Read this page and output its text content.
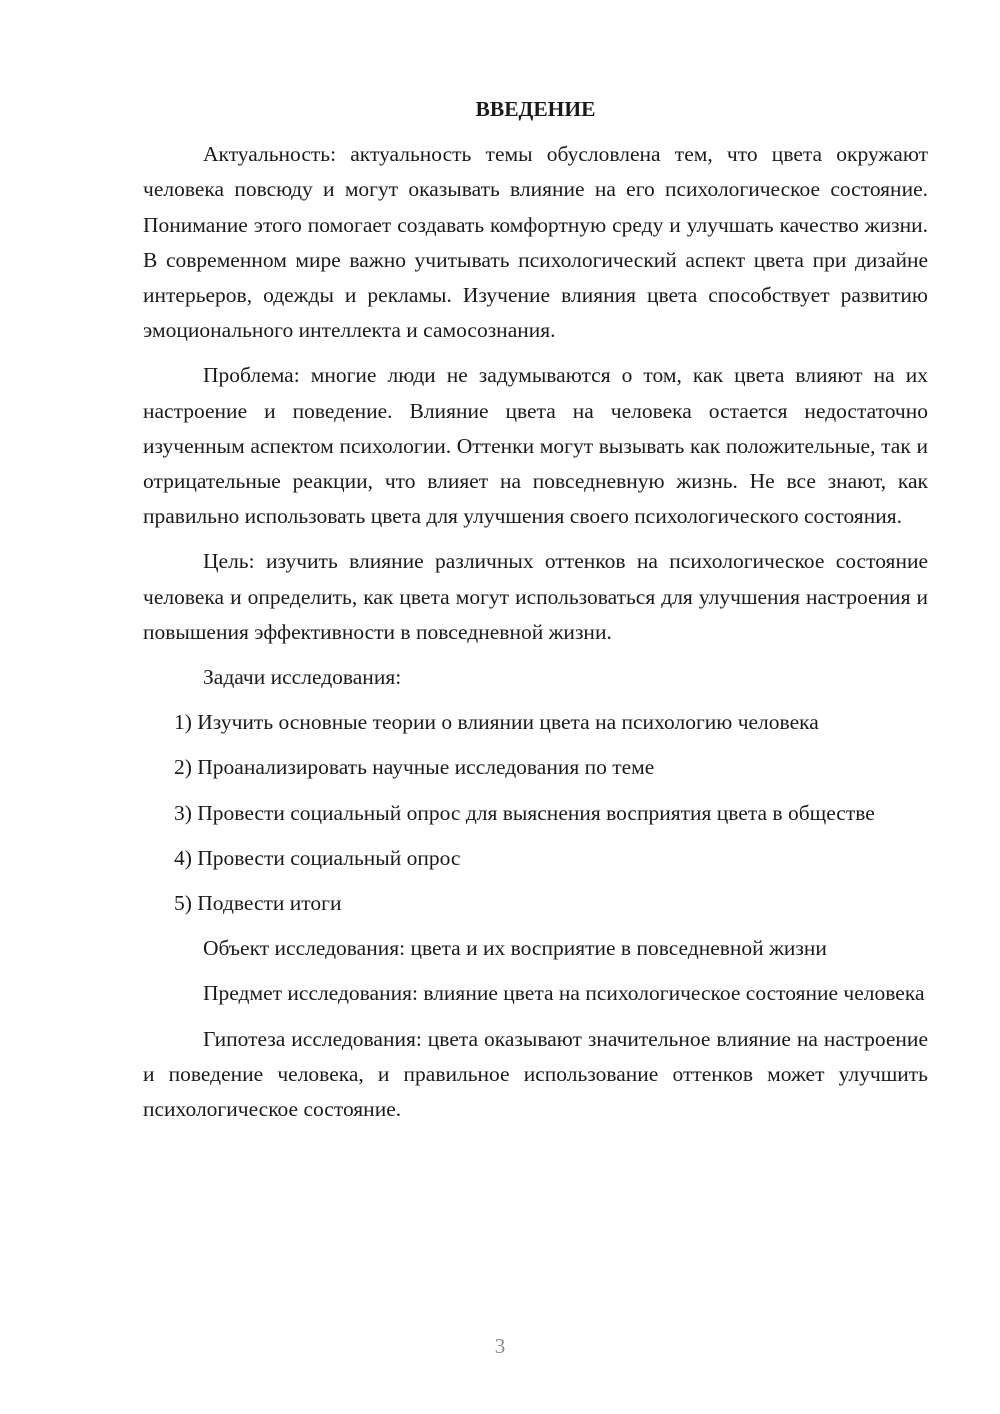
ВВЕДЕНИЕ

Актуальность: актуальность темы обусловлена тем, что цвета окружают человека повсюду и могут оказывать влияние на его психологическое состояние. Понимание этого помогает создавать комфортную среду и улучшать качество жизни. В современном мире важно учитывать психологический аспект цвета при дизайне интерьеров, одежды и рекламы. Изучение влияния цвета способствует развитию эмоционального интеллекта и самосознания.

Проблема: многие люди не задумываются о том, как цвета влияют на их настроение и поведение. Влияние цвета на человека остается недостаточно изученным аспектом психологии. Оттенки могут вызывать как положительные, так и отрицательные реакции, что влияет на повседневную жизнь. Не все знают, как правильно использовать цвета для улучшения своего психологического состояния.

Цель: изучить влияние различных оттенков на психологическое состояние человека и определить, как цвета могут использоваться для улучшения настроения и повышения эффективности в повседневной жизни.

Задачи исследования:

1) Изучить основные теории о влиянии цвета на психологию человека

2) Проанализировать научные исследования по теме

3) Провести социальный опрос для выяснения восприятия цвета в обществе

4) Провести социальный опрос

5) Подвести итоги

Объект исследования: цвета и их восприятие в повседневной жизни

Предмет исследования: влияние цвета на психологическое состояние человека

Гипотеза исследования: цвета оказывают значительное влияние на настроение и поведение человека, и правильное использование оттенков может улучшить психологическое состояние.

3
